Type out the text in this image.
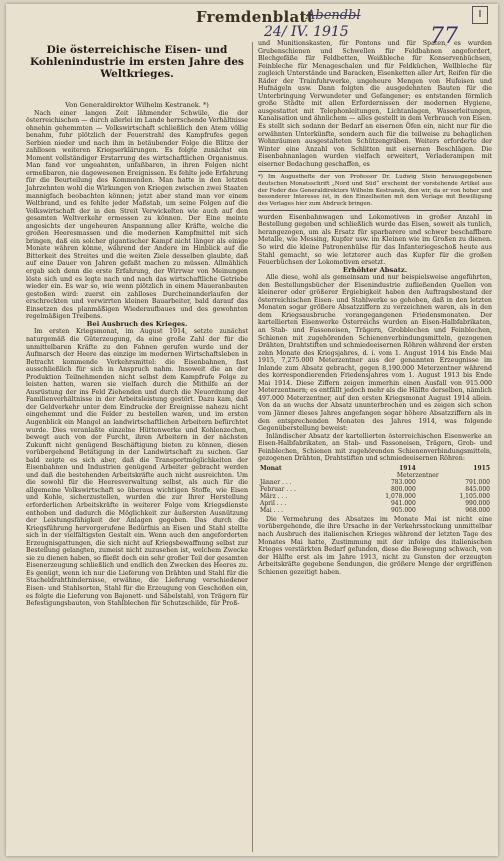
Fremdenblatt
Abendbl
24/ IV. 1915
I
77
Die österreichische Eisen- und Kohlenindustrie im ersten Jahre des Weltkrieges.

Von Generaldirektor Wilhelm Kestranek. *)

Nach einer langen Zeit lähmender Schwüle, die der österreichischen — durch allerlei im Lande herrschende Verhältnisse ohnehin gehemmten — Volkswirtschaft schließlich den Atem völlig benahm, fuhr plötzlich der Feuerstrahl des Kampfrufes gegen Serbien nieder und nach ihm in betäubender Folge die Blitze der zahllosen weiteren Kriegserklärungen. Es folgte zunächst ein Moment vollständiger Erstarrung des wirtschaftlichen Organismus. Man fand vor ungeahnten, unfaßbaren, in ihren Folgen nicht ermeßbaren, nie dagewesenen Ereignissen. Es fehlte jede Erfahrung für die Beurteilung des Kommenden. Man hatte in den letzten Jahrzehnten wohl die Wirkungen von Kriegen zwischen zwei Staaten mannigfach beobachten können; jetzt aber stand man vor einem Weltbrand, und es fehlte jeder Maßstab, um seine Folgen auf die Volkswirtschaft der in den Streit Verwickelten wie auch auf den gesamten Weltverkehr ermessen zu können. Der Eine meinte angesichts der ungeheuren Anspannung aller Kräfte, welche die großen Heeresmassen und die modernen Kampfmittel mit sich bringen, daß ein solcher gigantischer Kampf nicht länger als einige Monate währen könne, während der Andere im Hinblick auf die Bitterkeit des Streites und die weiten Ziele desselben glaubte, daß auf eine Dauer von Jahren gefaßt machen zu müssen. Allmählich ergab sich denn die erste Erfahrung, der Wirrwar von Meinungen löste sich und es legte nach und nach das wirtschaftliche Getriebe wieder ein. Es war so, wie wenn plötzlich in einem Maueranbauten gestoßen wird: zuerst ein zahlloses Durcheinanderlaufen der erschreckten und verwirrten kleinen Bauarbeiter, bald darauf das Einsetzen des planmäßigen Wiederaufbaues und des gewohnten regelmäßigen Treibens.

Bei Ausbruch des Krieges.

Im ersten Kriegsmonat, im August 1914, setzte zunächst naturgemäß die Güterzeugung, da eine große Zahl der für die unmittelbaren Kräfte zu den Fahnen gerufen wurde und der Aufmarsch der Heere das einzige im modernen Wirtschaftsleben in Betracht kommende Verkehrsmittel: die Eisenbahnen, fast ausschließlich für sich in Anspruch nahm. Insoweit die an der Produktion Teilnehmenden nicht selbst dem Kampfrufe Folge zu leisten hatten, waren sie vielfach durch die Mithilfe an der Ausrüstung der ins Feld Ziehenden und durch die Neuordnung der Familienverhältnisse in der Arbeitsleistung gestört. Dazu kam, daß der Geldverkehr unter dem Eindrucke der Ereignisse nahezu nicht eingehemmt und die Felder zu bestellen waren, und im ersten Augenblick ein Mangel an landwirtschaftlichen Arbeitern befürchtet wurde. Dies veranlaßte einzelne Hüttenwerke und Kohlenzechen, bewegt auch von der Furcht, ihren Arbeitern in der nächsten Zukunft nicht genügend Beschäftigung bieten zu können, diesen vorübergehend Betätigung in der Landwirtschaft zu suchen. Gar bald zeigte es sich aber, daß die Transportmöglichkeiten der Eisenbahnen und Industrien genügend Arbeiter gebracht werden und daß die bestehenden Arbeitskräfte auch nicht ausreichten. Um die sowohl für die Heeresverwaltung selbst, als auch für die allgemeine Volkswirtschaft so überaus wichtigen Stoffe, wie Eisen und Kohle, sicherzustellen, wurden die zur Ihrer Herstellung erforderlichen Arbeitskräfte in weiterer Folge vom Kriegsdienste enthoben und dadurch die Möglichkeit zur äußersten Ausnützung der Leistungsfähigkeit der Anlagen gegeben. Das durch die Kriegsführung hervorgerufene Bedürfnis an Eisen und Stahl stellte sich in der vielfältigsten Gestalt ein. Wenn auch den angeforderten Erzeugnisgattungen, die sich nicht auf Kriegsbewaffnung selbst zur Bestellung gelangten, zumeist nicht zuzusehen ist, welchem Zwecke sie zu dienen haben, so fließt doch ein sehr großer Teil der gesamten Eisenerzeugung schließlich und endlich den Zwecken des Heeres zu. Es genügt, wenn ich nur die Lieferung von Drähten und Stahl für die Stacheldrahthindernisse, erwähne, die Lieferung verschiedener Eisen- und Stahlsorten, Stahl für die Erzeugung von Geschoßen ein, es folgte die Lieferung von Bajonett- und Säbelstahl, von Trägern für Befestigungsbauten, von Stahlblechen für Schutzschilde, für Proß-

und Munitionskasten, für Pontons und für Spaten, es wurden Grubenschienen und Schwellen für Feldbahnen angefordert, Blechgefäße für Feldbetten, Weißbleche für Konservenbüchsen, Feinbleche für Menageschalen und für Feldküchen, Wellbleche für zugleich Unterstände und Baracken, Eisenketten aller Art, Reifen für die Räder der Trainfuhrwerke, ungeheure Mengen von Hufeisen und Hufnägeln usw. Dann folgten die ausgedehnten Bauten für die Unterbringung Verwundeter und Gefangener; es entstanden förmlich große Städte mit allen Erfordernissen der modernen Hygiene, ausgestattet mit Telephonleitungen, Lichtanlagen, Wasserleitungen, Kanalisation und ähnlichem — alles gestellt in dem Verbrauch von Eisen. Es stellt sich sodann der Bedarf an eisernen Öfen ein, nicht nur für die erwähnten Unterkünfte, sondern auch für die teilweise zu behaglichen Wohnräumen ausgestalteten Schützengräben. Weiters erforderte der Winter eine Anzahl von Schlitten mit eisernen Beschlägen. Die Eisenbahnanlagen wurden vielfach erweitert, Verladerampen mit eiserner Bedachung geschaffen, es

*) Im Augusthefte der von Professor Dr. Ludwig Stein herausgegebenen deutschen Monatsschrift „Nord und Süd“ erscheint der vorstehende Artikel aus der Feder des Generaldirektors Wilhelm Kestranek, den wir, da er von hoher und besonderer Interesse ist, in den Einzelheiten mit dem Verlage mit Bewilligung des Verlages hier zum Abdruck bringen.

wurden Eisenbahnwagen und Lokomotiven in großer Anzahl in Bestellung gegeben und schließlich wurde das Eisen, soweit als tunlich, herangezogen, um als Ersatz für sparbarere und schwer beschaffbare Metalle, wie Messing, Kupfer usw. im Kleinen wie im Großen zu dienen. So wird die kleine Patronenhülse für das Infanteriegeschoß heute aus Stahl gemacht, so wie letzterer auch das Kupfer für die großen Feuerbüchsen der Lokomotiven ersetzt.

Erhöhter Absatz.

Alle diese, wohl als gemeinsam und nur beispielsweise angeführten, den Bestellungsbücher der Eisenindustrie zufließenden Quellen von kleinerer oder größerer Ergiebigkeit haben den Auftragsbestand der österreichischen Eisen- und Stahlwerke so gehoben, daß in den letzten Monaten sogar größere Absatzziffern zu verzeichnen waren, als in den dem Kriegsausbruche vorangegangenen Friedensmonaten. Der kartellierten Eisenwerke Österreichs wurden an Eisen-Halbfabrikaten, an Stab- und Fassoneisen, Trägern, Grobblechen und Feinblechen, Schienen mit zugehörenden Schienenverbindungsmitteln, gezogenen Drähten, Drahtstiften und schmiedeeisernen Röhren während der ersten zehn Monate des Kriegsjahres, d. i. vom 1. August 1914 bis Ende Mai 1915, 7,275.000 Meterzentner aus der genannten Erzeugnisse im Inlande zum Absatz gebracht, gegen 8,190.000 Meterzentner während des korrespondierenden Friedensjahres vom 1. August 1913 bis Ende Mai 1914. Diese Ziffern zeigen immerhin einen Ausfall von 915.000 Meterzentnern; es entfällt jedoch mehr als die Hälfte derselben, nämlich 497.000 Meterzentner, auf den ersten Kriegsmonat August 1914 allein. Von da an wuchs der Absatz ununterbrochen und es zeigen sich schon vom Jänner dieses Jahres angefangen sogar höhere Absatzziffern als in den entsprechenden Monaten des Jahres 1914, was folgende Gegenüberstellung beweist:

Inländischer Absatz der kartellierten österreichischen Eisenwerke an Eisen-Halbfabrikaten, an Stab- und Fassoneisen, Trägern, Grob- und Feinblechen, Schienen mit zugehörenden Schienenverbindungsmitteln, gezogenen Drähten, Drahtstiften und schmiedeeisernen Röhren:

Monat	1914	1915
	Meterzentner	
Jänner . . .	783.000	791.000
Februar . . .	800.000	845.000
März . . .	1,078.000	1,105.000
April . . .	941.000	990.000
Mai . . .	905.000	968.000

Die Vermehrung des Absatzes im Monate Mai ist nicht eine vorübergehende, die ihre Ursache in der Verkehrsstockung unmittelbar nach Ausbruch des italienischen Krieges während der letzten Tage des Monates Mai hatte, Zustimmung mit der infolge des italienischen Krieges verstärkten Bedarf gefunden, diese die Bewegung schwach, von der Hälfte erst als im Jahre 1913, nicht zu Gunsten der erzeugten Arbeitskräfte gegebene Sendungen, die größere Menge der ergriffenen Schienen gezeitigt haben.
